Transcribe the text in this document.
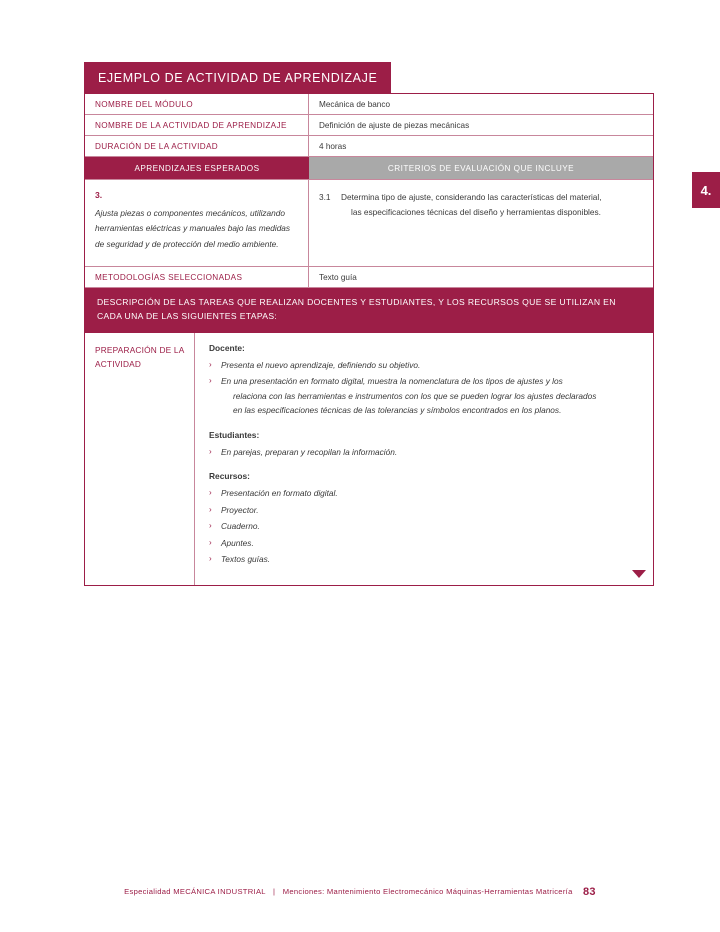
4.
EJEMPLO DE ACTIVIDAD DE APRENDIZAJE
NOMBRE DEL MÓDULO	Mecánica de banco
NOMBRE DE LA ACTIVIDAD DE APRENDIZAJE	Definición de ajuste de piezas mecánicas
DURACIÓN DE LA ACTIVIDAD	4 horas
APRENDIZAJES ESPERADOS	CRITERIOS DE EVALUACIÓN QUE INCLUYE
3.
Ajusta piezas o componentes mecánicos, utilizando herramientas eléctricas y manuales bajo las medidas de seguridad y de protección del medio ambiente.
3.1	Determina tipo de ajuste, considerando las características del material,
las especificaciones técnicas del diseño y herramientas disponibles.
METODOLOGÍAS SELECCIONADAS	Texto guía
DESCRIPCIÓN DE LAS TAREAS QUE REALIZAN DOCENTES Y ESTUDIANTES, Y LOS RECURSOS QUE SE UTILIZAN EN CADA UNA DE LAS SIGUIENTES ETAPAS:
PREPARACIÓN DE LA ACTIVIDAD
Docente:
›	Presenta el nuevo aprendizaje, definiendo su objetivo.
›	En una presentación en formato digital, muestra la nomenclatura de los tipos de ajustes y los
relaciona con las herramientas e instrumentos con los que se pueden lograr los ajustes declarados
en las especificaciones técnicas de las tolerancias y símbolos encontrados en los planos.
Estudiantes:
›	En parejas, preparan y recopilan la información.
Recursos:
›	Presentación en formato digital.
›	Proyector.
›	Cuaderno.
›	Apuntes.
›	Textos guías.
Especialidad MECÁNICA INDUSTRIAL | Menciones: Mantenimiento Electromecánico Máquinas-Herramientas Matricería 83
